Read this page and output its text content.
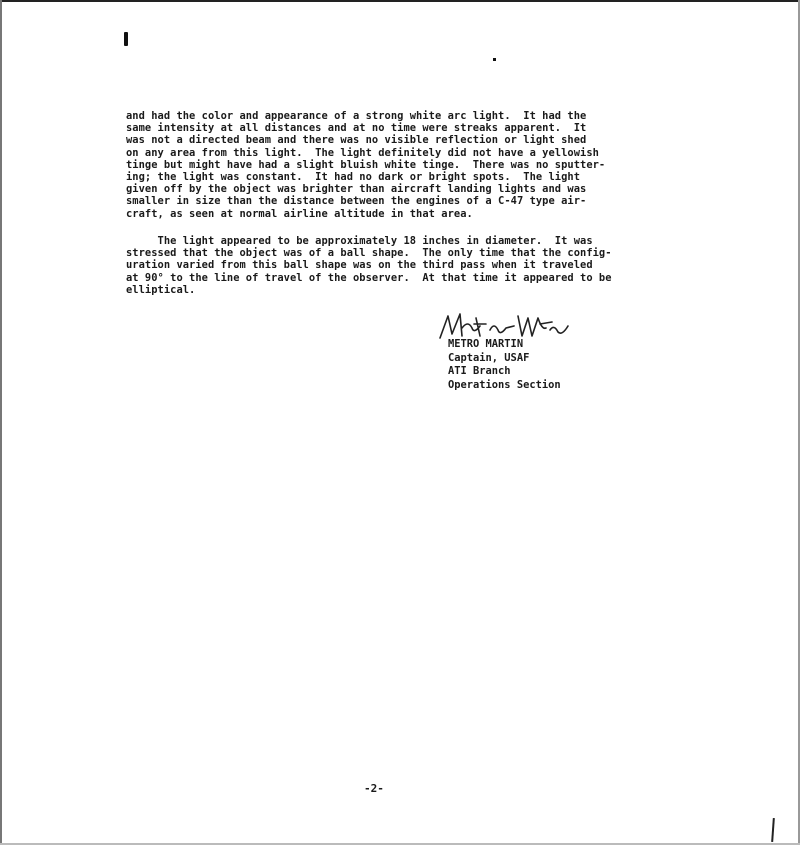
and had the color and appearance of a strong white arc light.  It had the
same intensity at all distances and at no time were streaks apparent.  It
was not a directed beam and there was no visible reflection or light shed
on any area from this light.  The light definitely did not have a yellowish
tinge but might have had a slight bluish white tinge.  There was no sputter-
ing; the light was constant.  It had no dark or bright spots.  The light
given off by the object was brighter than aircraft landing lights and was
smaller in size than the distance between the engines of a C-47 type air-
craft, as seen at normal airline altitude in that area.
The light appeared to be approximately 18 inches in diameter.  It was
stressed that the object was of a ball shape.  The only time that the config-
uration varied from this ball shape was on the third pass when it traveled
at 90° to the line of travel of the observer.  At that time it appeared to be
elliptical.
METRO MARTIN
Captain, USAF
ATI Branch
Operations Section
-2-
